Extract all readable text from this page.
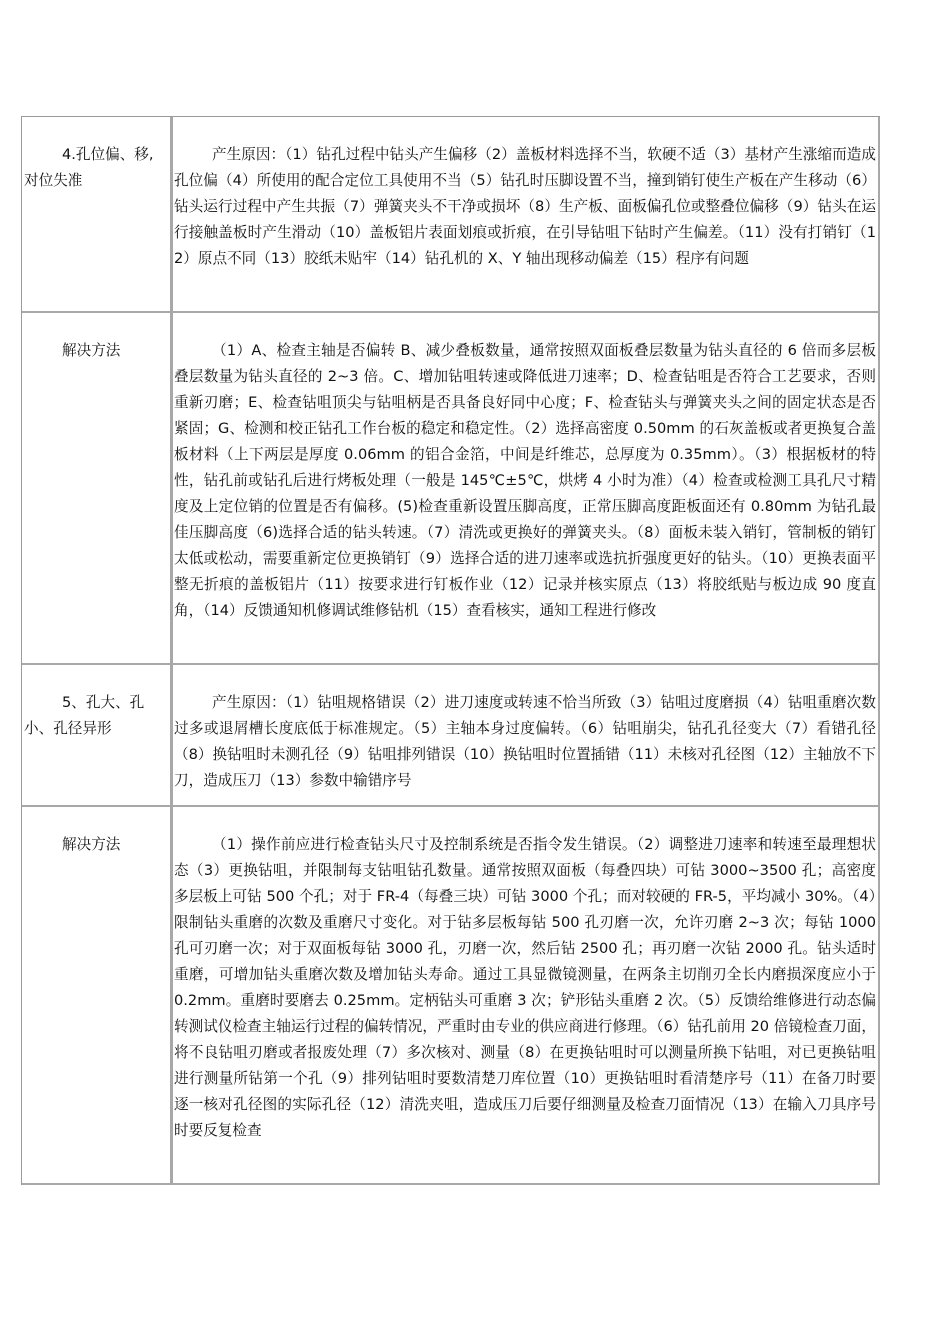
4.孔位偏、移,对位失准	产生原因：（1）钻孔过程中钻头产生偏移（2）盖板材料选择不当，软硬不适（3）基材产生涨缩而造成孔位偏（4）所使用的配合定位工具使用不当（5）钻孔时压脚设置不当，撞到销钉使生产板在产生移动（6）钻头运行过程中产生共振（7）弹簧夹头不干净或损坏（8）生产板、面板偏孔位或整叠位偏移（9）钻头在运行接触盖板时产生滑动（10）盖板铝片表面划痕或折痕，在引导钻咀下钻时产生偏差。（11）没有打销钉（12）原点不同（13）胶纸未贴牢（14）钻孔机的 X、Y 轴出现移动偏差（15）程序有问题
解决方法	（1）A、检查主轴是否偏转 B、减少叠板数量，通常按照双面板叠层数量为钻头直径的 6 倍而多层板叠层数量为钻头直径的 2~3 倍。C、增加钻咀转速或降低进刀速率；D、检查钻咀是否符合工艺要求，否则重新刃磨；E、检查钻咀顶尖与钻咀柄是否具备良好同中心度；F、检查钻头与弹簧夹头之间的固定状态是否紧固；G、检测和校正钻孔工作台板的稳定和稳定性。（2）选择高密度 0.50mm 的石灰盖板或者更换复合盖板材料（上下两层是厚度 0.06mm 的铝合金箔，中间是纤维芯，总厚度为 0.35mm）。（3）根据板材的特性，钻孔前或钻孔后进行烤板处理（一般是 145℃±5℃，烘烤 4 小时为准）（4）检查或检测工具孔尺寸精度及上定位销的位置是否有偏移。(5)检查重新设置压脚高度，正常压脚高度距板面还有 0.80mm 为钻孔最佳压脚高度（6)选择合适的钻头转速。（7）清洗或更换好的弹簧夹头。（8）面板未装入销钉，管制板的销钉太低或松动，需要重新定位更换销钉（9）选择合适的进刀速率或选抗折强度更好的钻头。（10）更换表面平整无折痕的盖板铝片（11）按要求进行钉板作业（12）记录并核实原点（13）将胶纸贴与板边成 90 度直角，（14）反馈通知机修调试维修钻机（15）查看核实，通知工程进行修改
5、孔大、孔小、孔径异形	产生原因：（1）钻咀规格错误（2）进刀速度或转速不恰当所致（3）钻咀过度磨损（4）钻咀重磨次数过多或退屑槽长度底低于标准规定。（5）主轴本身过度偏转。（6）钻咀崩尖，钻孔孔径变大（7）看错孔径（8）换钻咀时未测孔径（9）钻咀排列错误（10）换钻咀时位置插错（11）未核对孔径图（12）主轴放不下刀，造成压刀（13）参数中输错序号
解决方法	（1）操作前应进行检查钻头尺寸及控制系统是否指令发生错误。（2）调整进刀速率和转速至最理想状态（3）更换钻咀，并限制每支钻咀钻孔数量。通常按照双面板（每叠四块）可钻 3000~3500 孔；高密度多层板上可钻 500 个孔；对于 FR-4（每叠三块）可钻 3000 个孔；而对较硬的 FR-5，平均减小 30%。（4）限制钻头重磨的次数及重磨尺寸变化。对于钻多层板每钻 500 孔刃磨一次，允许刃磨 2~3 次；每钻 1000 孔可刃磨一次；对于双面板每钻 3000 孔，刃磨一次，然后钻 2500 孔；再刃磨一次钻 2000 孔。钻头适时重磨，可增加钻头重磨次数及增加钻头寿命。通过工具显微镜测量，在两条主切削刃全长内磨损深度应小于 0.2mm。重磨时要磨去 0.25mm。定柄钻头可重磨 3 次；铲形钻头重磨 2 次。（5）反馈给维修进行动态偏转测试仪检查主轴运行过程的偏转情况，严重时由专业的供应商进行修理。（6）钻孔前用 20 倍镜检查刀面，将不良钻咀刃磨或者报废处理（7）多次核对、测量（8）在更换钻咀时可以测量所换下钻咀，对已更换钻咀进行测量所钻第一个孔（9）排列钻咀时要数清楚刀库位置（10）更换钻咀时看清楚序号（11）在备刀时要逐一核对孔径图的实际孔径（12）清洗夹咀，造成压刀后要仔细测量及检查刀面情况（13）在输入刀具序号时要反复检查
